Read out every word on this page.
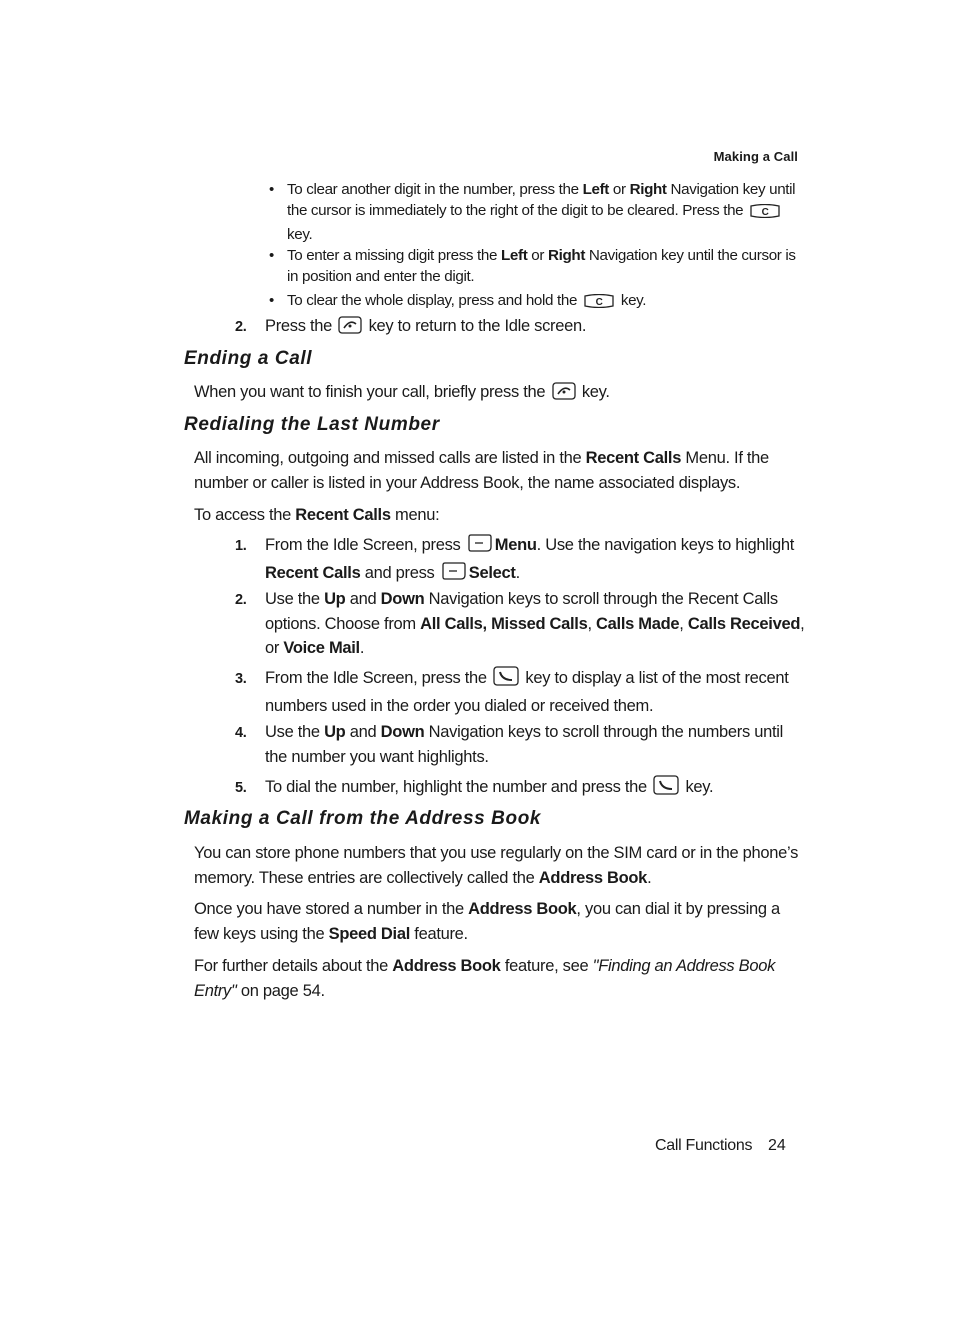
Making a Call
• To clear another digit in the number, press the Left or Right Navigation key until the cursor is immediately to the right of the digit to be cleared. Press the C
key.
• To enter a missing digit press the Left or Right Navigation key until the cursor is in position and enter the digit.
• To clear the whole display, press and hold the C key.
2. Press the  key to return to the Idle screen.
Ending a Call
When you want to finish your call, briefly press the  key.
Redialing the Last Number
All incoming, outgoing and missed calls are listed in the Recent Calls Menu. If the number or caller is listed in your Address Book, the name associated displays.
To access the Recent Calls menu:
1. From the Idle Screen, press Menu. Use the navigation keys to highlight Recent Calls and press Select.
2. Use the Up and Down Navigation keys to scroll through the Recent Calls options. Choose from All Calls, Missed Calls, Calls Made, Calls Received, or Voice Mail.
3. From the Idle Screen, press the  key to display a list of the most recent numbers used in the order you dialed or received them.
4. Use the Up and Down Navigation keys to scroll through the numbers until the number you want highlights.
5. To dial the number, highlight the number and press the  key.
Making a Call from the Address Book
You can store phone numbers that you use regularly on the SIM card or in the phone’s memory. These entries are collectively called the Address Book.
Once you have stored a number in the Address Book, you can dial it by pressing a few keys using the Speed Dial feature.
For further details about the Address Book feature, see "Finding an Address Book Entry" on page 54.
Call Functions 24
